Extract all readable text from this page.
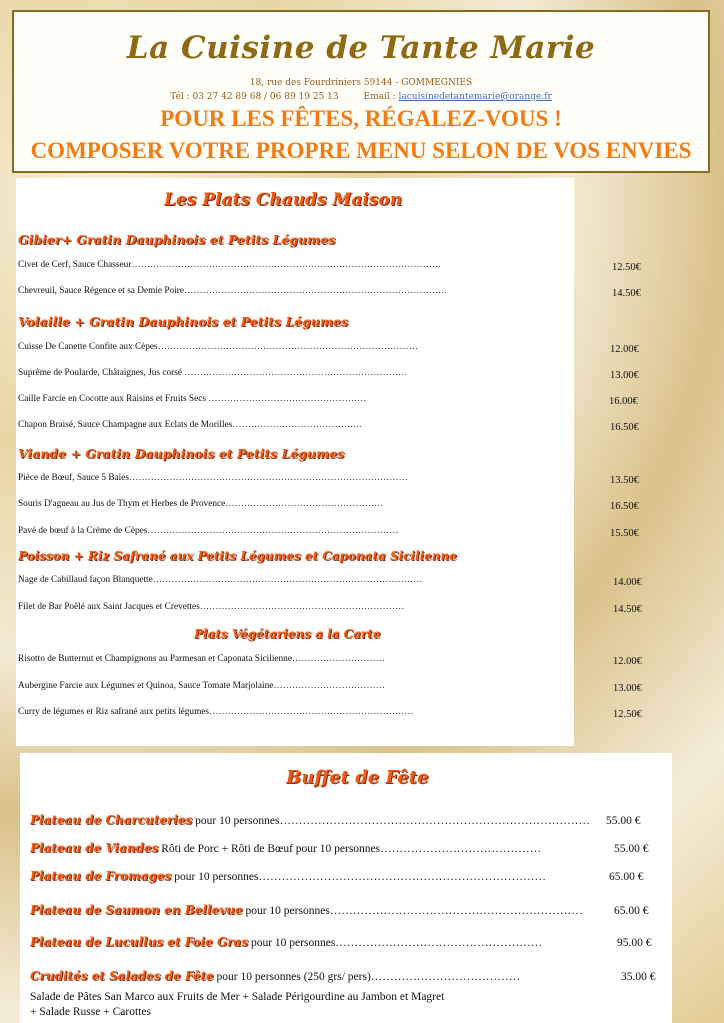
La Cuisine de Tante Marie
18, rue des Fourdriniers 59144 - GOMMEGNIES
Tél : 03 27 42 89 68 / 06 89 19 25 13	Email : lacuisinedetantemarie@orange.fr
POUR LES FÊTES, RÉGALEZ-VOUS !
COMPOSER VOTRE PROPRE MENU SELON DE VOS ENVIES
Les Plats Chauds Maison
Gibier+ Gratin Dauphinois et Petits Légumes
Civet de Cerf, Sauce Chasseur……………………………………………………………………………………….	12.50€
Chevreuil, Sauce Régence et sa Demie Poire………………………………………………………………………….	14.50€
Volaille + Gratin Dauphinois et Petits Légumes
Cuisse De Canette Confite aux Cèpes…………………………………………………………………………	12.00€
Suprême de Poularde, Châtaignes, Jus corsé ………………………………………………………………	13.00€
Caille Farcie en Cocotte aux Raisins et Fruits Secs ……………………………………………	16.00€
Chapon Braisé, Sauce Champagne aux Eclats de Morilles……………………………………	16.50€
Viande + Gratin Dauphinois et Petits Légumes
Pièce de Bœuf, Sauce 5 Baies………………………………………………………………………………	13.50€
Souris D'agneau au Jus de Thym et Herbes de Provence……………………………………………	16.50€
Pavé de bœuf à la Crème de Cèpes………………………………………………………………………	15.50€
Poisson + Riz Safrané aux Petits Légumes et Caponata Sicilienne
Nage de Cabillaud façon Blanquette……………………………………………………………………………	14.00€
Filet de Bar Poêlé aux Saint Jacques et Crevettes…………………………………………………………	14.50€
Plats Végétariens a la Carte
Risotto de Butternut et Champignons au Parmesan et Caponata Sicilienne…………………………	12.00€
Aubergine Farcie aux Légumes et Quinoa, Sauce Tomate Marjolaine………………………………	13.00€
Curry de légumes et Riz safrané aux petits légumes…………………………………………………………	12.50€
Buffet de Fête
Plateau de Charcuteries pour 10 personnes……………………………………………………………………… 55.00 €
Plateau de Viandes Rôti de Porc + Rôti de Bœuf pour 10 personnes……………………………………	55.00 €
Plateau de Fromages pour 10 personnes…………………………………………………………………	65.00 €
Plateau de Saumon en Bellevue pour 10 personnes…………………………………………………………	65.00 €
Plateau de Lucullus et Foie Gras pour 10 personnes………………………………………………	95.00 €
Crudités et Salades de Fête pour 10 personnes (250 grs/ pers)…………………………………	35.00 €
Salade de Pâtes San Marco aux Fruits de Mer + Salade Périgourdine au Jambon et Magret
+ Salade Russe + Carottes
